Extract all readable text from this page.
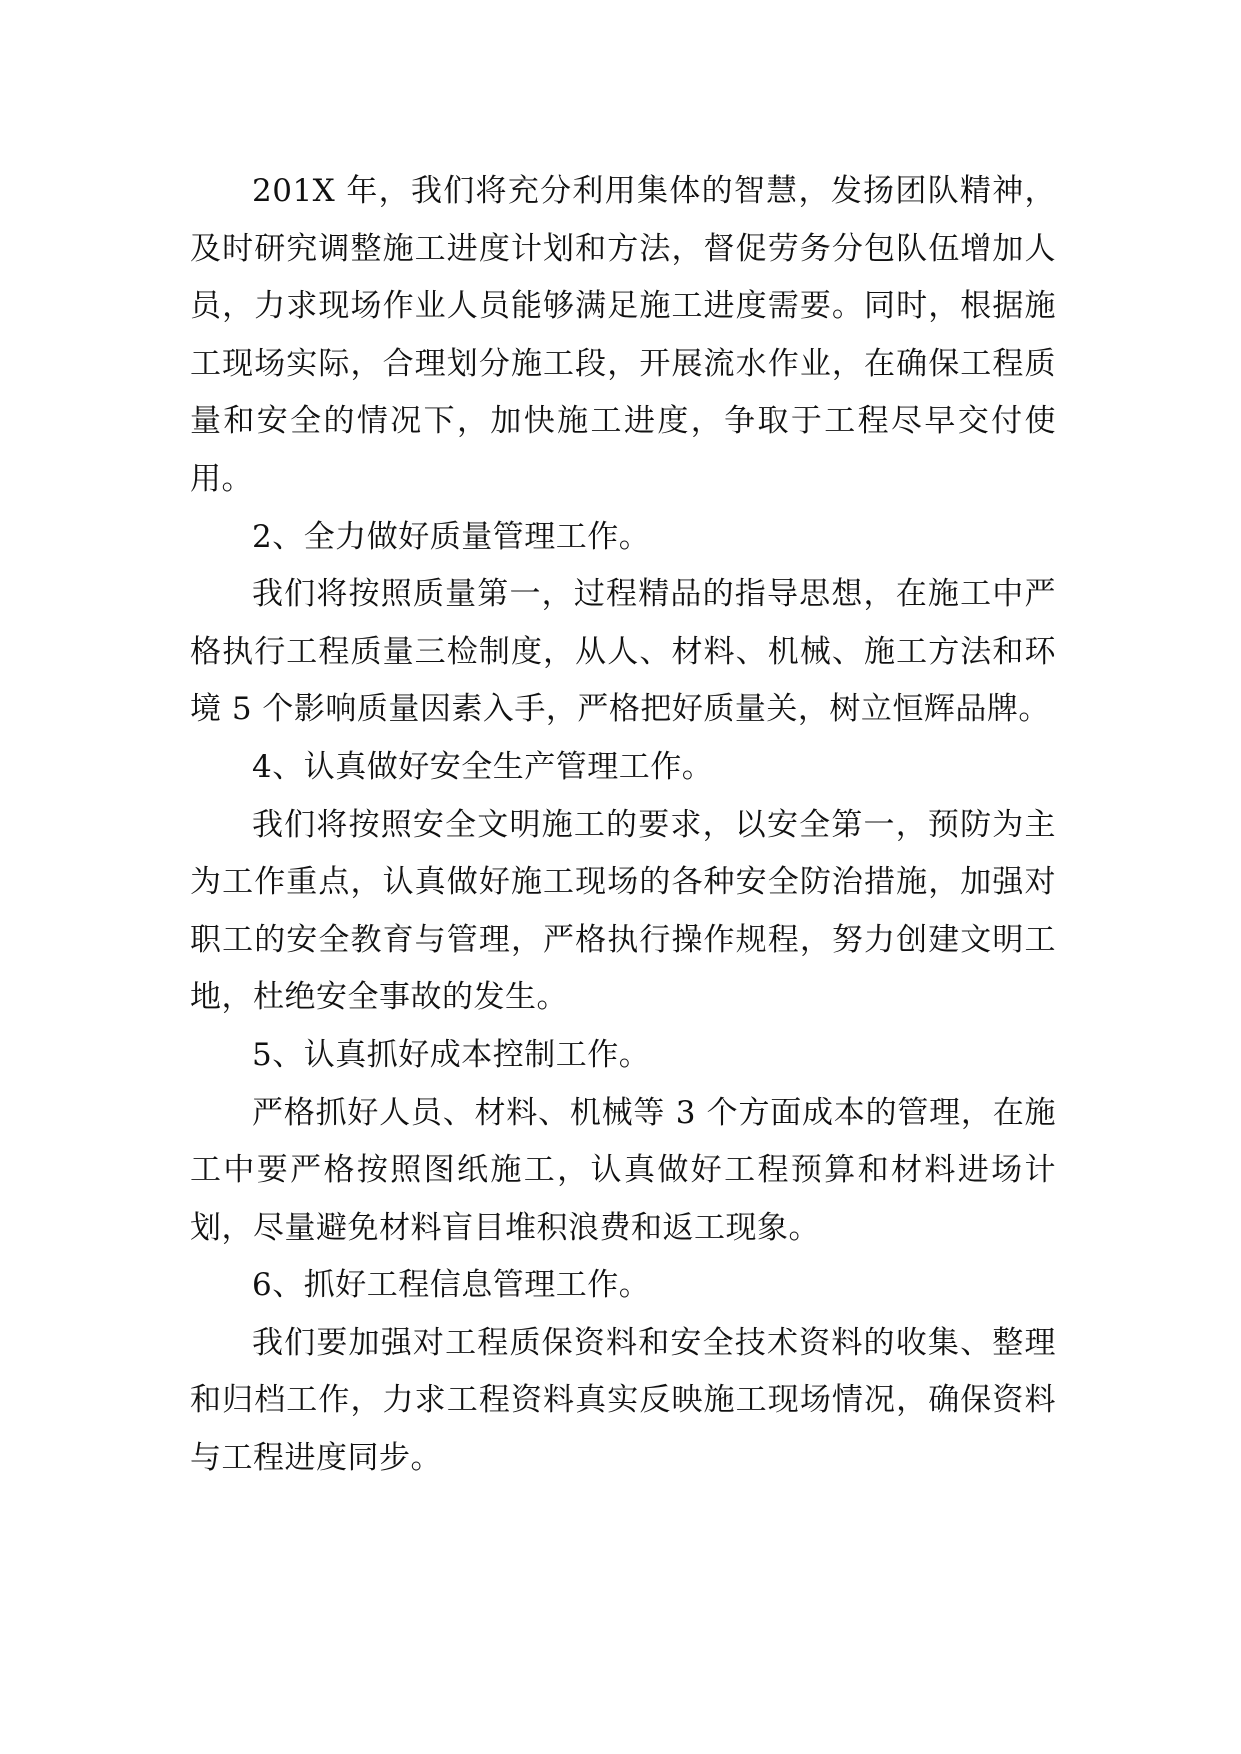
201X 年，我们将充分利用集体的智慧，发扬团队精神，及时研究调整施工进度计划和方法，督促劳务分包队伍增加人员，力求现场作业人员能够满足施工进度需要。同时，根据施工现场实际，合理划分施工段，开展流水作业，在确保工程质量和安全的情况下，加快施工进度，争取于工程尽早交付使用。

2、全力做好质量管理工作。

我们将按照质量第一，过程精品的指导思想，在施工中严格执行工程质量三检制度，从人、材料、机械、施工方法和环境 5 个影响质量因素入手，严格把好质量关，树立恒辉品牌。

4、认真做好安全生产管理工作。

我们将按照安全文明施工的要求，以安全第一，预防为主为工作重点，认真做好施工现场的各种安全防治措施，加强对职工的安全教育与管理，严格执行操作规程，努力创建文明工地，杜绝安全事故的发生。

5、认真抓好成本控制工作。

严格抓好人员、材料、机械等 3 个方面成本的管理，在施工中要严格按照图纸施工，认真做好工程预算和材料进场计划，尽量避免材料盲目堆积浪费和返工现象。

6、抓好工程信息管理工作。

我们要加强对工程质保资料和安全技术资料的收集、整理和归档工作，力求工程资料真实反映施工现场情况，确保资料与工程进度同步。
